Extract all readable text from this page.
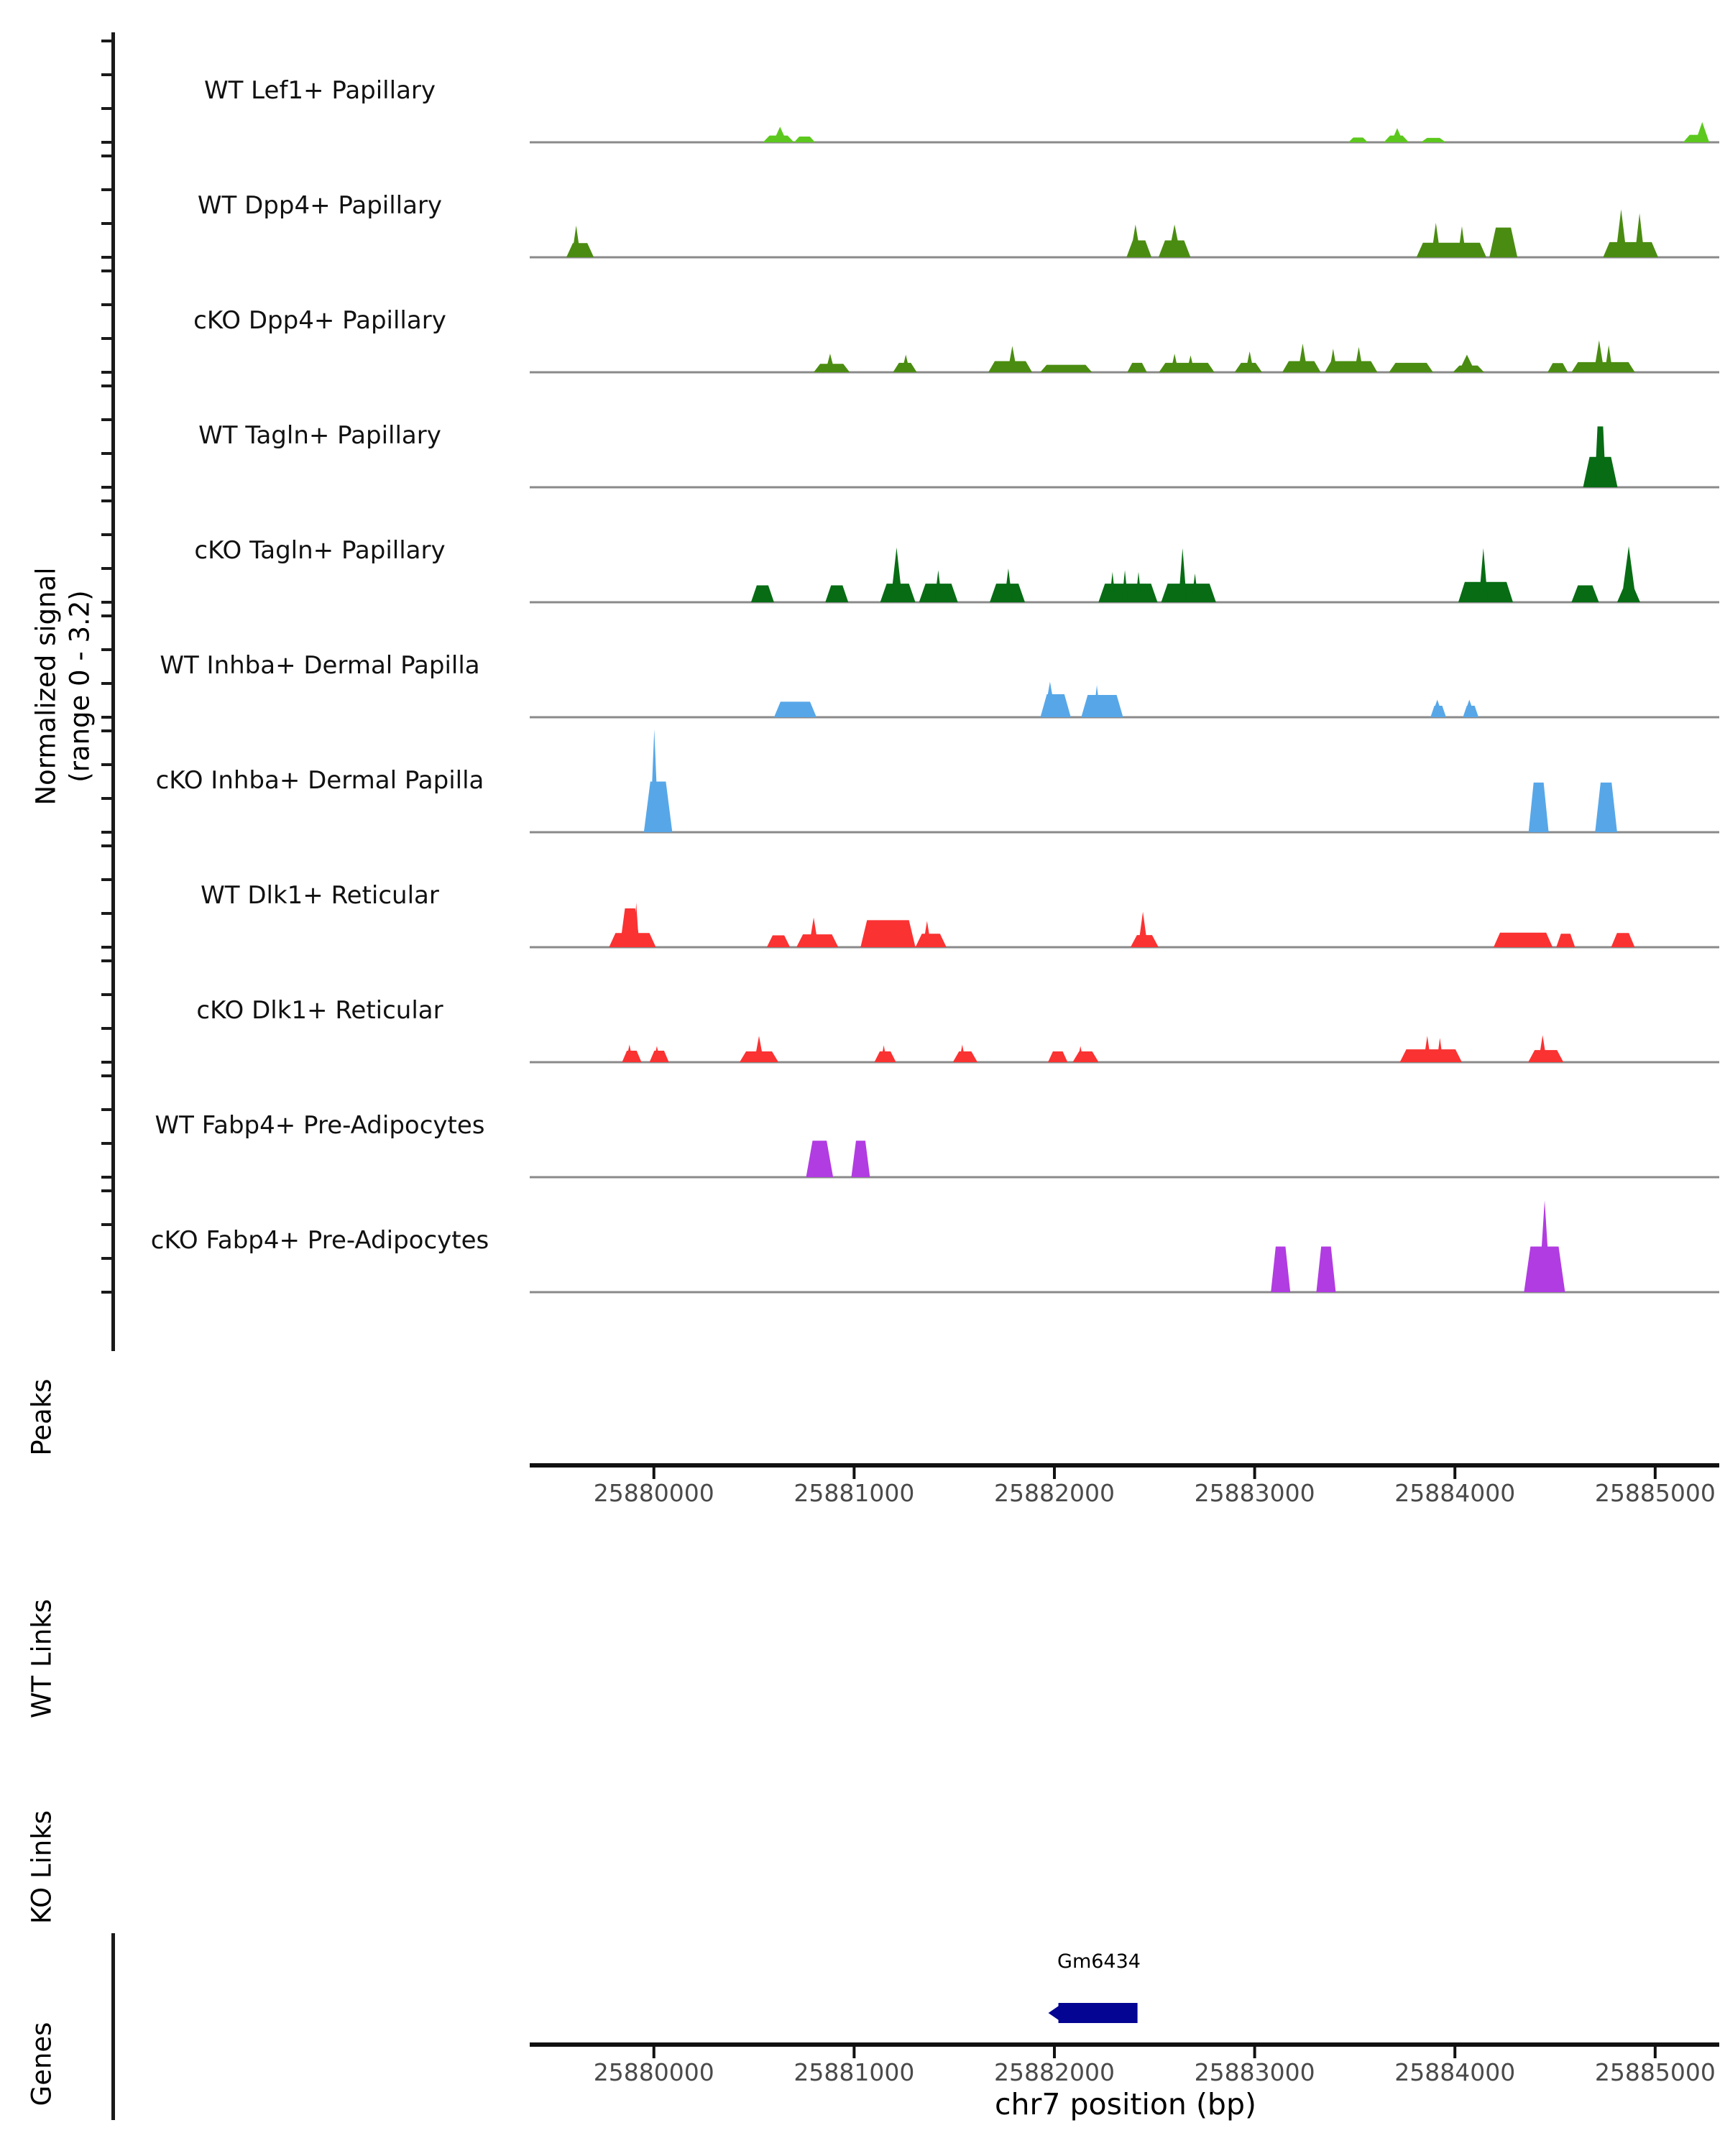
Normalized signal (range 0 - 3.2)
Peaks
WT Links
KO Links
Genes
WT Lef1+ Papillary
WT Dpp4+ Papillary
cKO Dpp4+ Papillary
WT Tagln+ Papillary
cKO Tagln+ Papillary
WT Inhba+ Dermal Papilla
cKO Inhba+ Dermal Papilla
WT Dlk1+ Reticular
cKO Dlk1+ Reticular
WT Fabp4+ Pre-Adipocytes
cKO Fabp4+ Pre-Adipocytes
25880000	25881000	25882000	25883000	25884000	25885000
25880000	25881000	25882000	25883000	25884000	25885000
Gm6434
chr7 position (bp)
